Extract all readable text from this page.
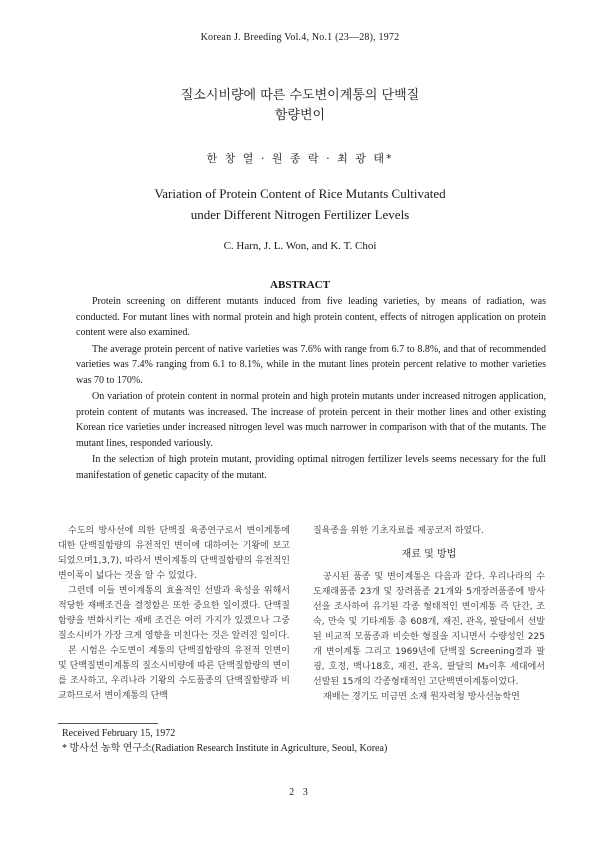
Korean J. Breeding Vol.4, No.1 (23—28), 1972
질소시비량에 따른 수도변이계통의 단백질
함량변이
한 창 열 · 원 종 락 · 최 광 태*
Variation of Protein Content of Rice Mutants Cultivated
under Different Nitrogen Fertilizer Levels
C. Harn, J. L. Won, and K. T. Choi
ABSTRACT

Protein screening on different mutants induced from five leading varieties, by means of radiation, was conducted. For mutant lines with normal protein and high protein content, effects of nitrogen application on protein content were also examined.

The average protein percent of native varieties was 7.6% with range from 6.7 to 8.8%, and that of recommended varieties was 7.4% ranging from 6.1 to 8.1%, while in the mutant lines protein percent relative to mother varieties was 70 to 170%.

On variation of protein content in normal protein and high protein mutants under increased nitrogen application, protein content of mutants was increased. The increase of protein percent in their mother lines and other existing Korean rice varieties under increased nitrogen level was much narrower in comparison with that of the mutants. The mutant lines, responded variously.

In the selectiɔn of high protein mutant, providing optimal nitrogen fertilizer levels seems necessary for the full manifestation of genetic capacity of the mutant.

수도의 방사선에 의한 단백질 육종연구로서 변이계통에 대한 단백질함량의 유전적인 변이에 대하여는 기왕에 보고되었으며1,3,7), 따라서 변이계통의 단백질함량의 유전적인 변이폭이 넓다는 것을 알 수 있었다.

그런데 이들 변이계통의 효율적인 선발과 육성을 위해서 적당한 재배조건을 결정함은 또한 중요한 일이겠다. 단백질함량을 변화시키는 재배 조건은 여러 가지가 있겠으나 그중 질소시비가 가장 크게 영향을 미친다는 것은 알려진 일이다.

본 시험은 수도변이 계통의 단백질함량의 유전적 인변이 및 단백질변이계통의 질소시비량에 따른 단백질함량의 변이를 조사하고, 우리나라 기왕의 수도품종의 단백질함량과 비교하므로서 변이계통의 단백

질육종을 위한 기초자료를 제공코저 하였다.

재료 및 방법

공시된 품종 및 변이계통은 다음과 같다. 우리나라의 수도재래품종 23개 및 장려품종 21개와 5개장려품종에 방사선을 조사하여 유기된 각종 형태적인 변이계통 즉 단간, 조숙, 만숙 및 기타계통 총 608개, 재진, 관옥, 팔달에서 선발된 비교적 모품종과 비슷한 형질을 지니면서 수량성인 225개 변이계통 그리고 1969년에 단백질 Screening결과 팔굉, 호정, 백나18호, 재진, 관옥, 팔달의 M₃이후 세대에서 선발된 15개의 각종형태적인 고단백변이계통이었다.

재배는 경기도 미금면 소재 원자력청 방사선농학연

Received February 15, 1972
* 방사선 농학 연구소(Radiation Research Institute in Agriculture, Seoul, Korea)
2 3
